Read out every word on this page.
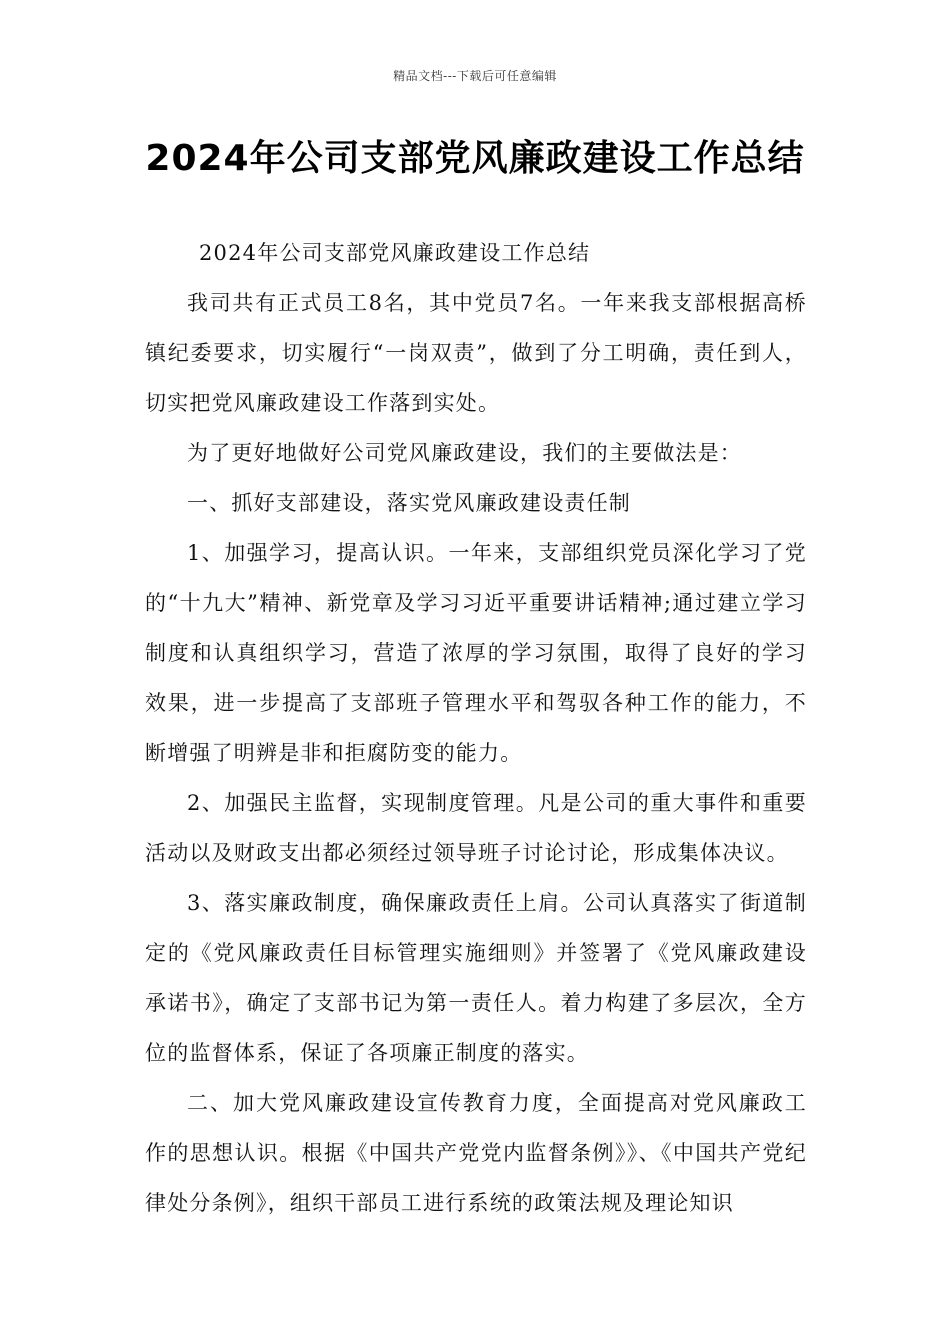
精品文档---下载后可任意编辑
2024年公司支部党风廉政建设工作总结

2024年公司支部党风廉政建设工作总结

我司共有正式员工8名，其中党员7名。一年来我支部根据高桥镇纪委要求，切实履行“一岗双责”，做到了分工明确，责任到人，切实把党风廉政建设工作落到实处。

为了更好地做好公司党风廉政建设，我们的主要做法是：

一、抓好支部建设，落实党风廉政建设责任制

1、加强学习，提高认识。一年来，支部组织党员深化学习了党的“十九大”精神、新党章及学习习近平重要讲话精神;通过建立学习制度和认真组织学习，营造了浓厚的学习氛围，取得了良好的学习效果，进一步提高了支部班子管理水平和驾驭各种工作的能力，不断增强了明辨是非和拒腐防变的能力。

2、加强民主监督，实现制度管理。凡是公司的重大事件和重要活动以及财政支出都必须经过领导班子讨论讨论，形成集体决议。

3、落实廉政制度，确保廉政责任上肩。公司认真落实了街道制定的《党风廉政责任目标管理实施细则》并签署了《党风廉政建设承诺书》，确定了支部书记为第一责任人。着力构建了多层次，全方位的监督体系，保证了各项廉正制度的落实。

二、加大党风廉政建设宣传教育力度，全面提高对党风廉政工作的思想认识。根据《中国共产党党内监督条例》》、《中国共产党纪律处分条例》，组织干部员工进行系统的政策法规及理论知识
